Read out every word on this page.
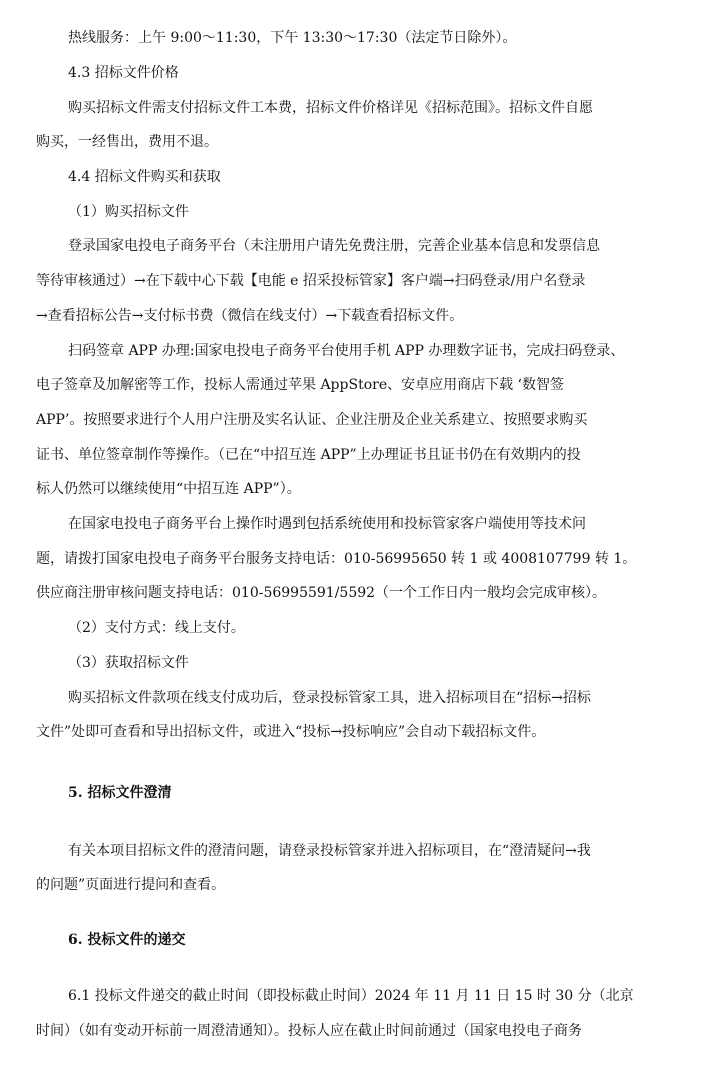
热线服务：上午 9:00～11:30，下午 13:30～17:30（法定节日除外）。
4.3 招标文件价格
购买招标文件需支付招标文件工本费，招标文件价格详见《招标范围》。招标文件自愿
购买，一经售出，费用不退。
4.4 招标文件购买和获取
（1）购买招标文件
登录国家电投电子商务平台（未注册用户请先免费注册，完善企业基本信息和发票信息
等待审核通过）→在下载中心下载【电能 e 招采投标管家】客户端→扫码登录/用户名登录
→查看招标公告→支付标书费（微信在线支付）→下载查看招标文件。
扫码签章 APP 办理:国家电投电子商务平台使用手机 APP 办理数字证书，完成扫码登录、
电子签章及加解密等工作，投标人需通过苹果 AppStore、安卓应用商店下载 ‘数智签
APP’。按照要求进行个人用户注册及实名认证、企业注册及企业关系建立、按照要求购买
证书、单位签章制作等操作。（已在“中招互连 APP”上办理证书且证书仍在有效期内的投
标人仍然可以继续使用“中招互连 APP”）。
在国家电投电子商务平台上操作时遇到包括系统使用和投标管家客户端使用等技术问
题，请拨打国家电投电子商务平台服务支持电话：010-56995650 转 1 或 4008107799 转 1。
供应商注册审核问题支持电话：010-56995591/5592（一个工作日内一般均会完成审核）。
（2）支付方式：线上支付。
（3）获取招标文件
购买招标文件款项在线支付成功后，登录投标管家工具，进入招标项目在“招标→招标
文件”处即可查看和导出招标文件，或进入“投标→投标响应”会自动下载招标文件。
5. 招标文件澄清
有关本项目招标文件的澄清问题，请登录投标管家并进入招标项目，在“澄清疑问→我
的问题”页面进行提问和查看。
6. 投标文件的递交
6.1 投标文件递交的截止时间（即投标截止时间）2024 年 11 月 11 日 15 时 30 分（北京
时间）（如有变动开标前一周澄清通知）。投标人应在截止时间前通过（国家电投电子商务
